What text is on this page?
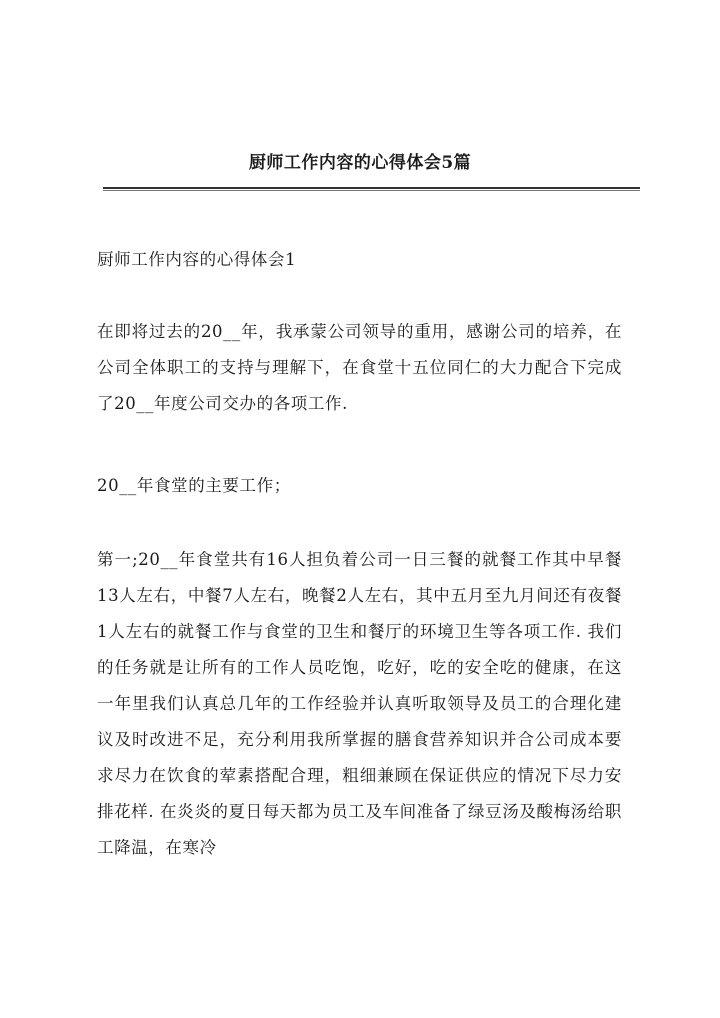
厨师工作内容的心得体会5篇
厨师工作内容的心得体会1
在即将过去的20__年，我承蒙公司领导的重用，感谢公司的培养，在公司全体职工的支持与理解下，在食堂十五位同仁的大力配合下完成了20__年度公司交办的各项工作.
20__年食堂的主要工作；
第一;20__年食堂共有16人担负着公司一日三餐的就餐工作其中早餐13人左右，中餐7人左右，晚餐2人左右，其中五月至九月间还有夜餐1人左右的就餐工作与食堂的卫生和餐厅的环境卫生等各项工作. 我们的任务就是让所有的工作人员吃饱，吃好，吃的安全吃的健康，在这一年里我们认真总几年的工作经验并认真听取领导及员工的合理化建议及时改进不足，充分利用我所掌握的膳食营养知识并合公司成本要求尽力在饮食的荤素搭配合理，粗细兼顾在保证供应的情况下尽力安排花样. 在炎炎的夏日每天都为员工及车间准备了绿豆汤及酸梅汤给职工降温，在寒冷
